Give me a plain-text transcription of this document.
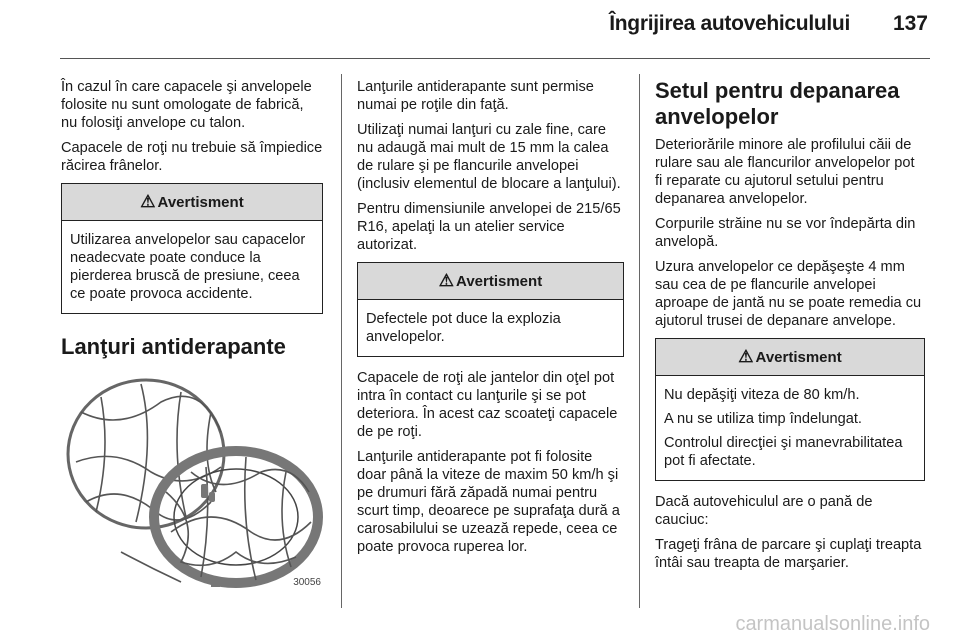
Îngrijirea autovehiculului 137

În cazul în care capacele şi anvelopele folosite nu sunt omologate de fabrică, nu folosiţi anvelope cu talon.

Capacele de roţi nu trebuie să împiedice răcirea frânelor.

⚠ Avertisment

Utilizarea anvelopelor sau capacelor neadecvate poate conduce la pierderea bruscă de presiune, ceea ce poate provoca accidente.

Lanţuri antiderapante
30056

Lanţurile antiderapante sunt permise numai pe roţile din faţă.

Utilizaţi numai lanţuri cu zale fine, care nu adaugă mai mult de 15 mm la calea de rulare şi pe flancurile anvelopei (inclusiv elementul de blocare a lanţului).

Pentru dimensiunile anvelopei de 215/65 R16, apelaţi la un atelier service autorizat.

⚠ Avertisment

Defectele pot duce la explozia anvelopelor.

Capacele de roţi ale jantelor din oţel pot intra în contact cu lanţurile şi se pot deteriora. În acest caz scoateţi capacele de pe roţi.

Lanţurile antiderapante pot fi folosite doar până la viteze de maxim 50 km/h şi pe drumuri fără zăpadă numai pentru scurt timp, deoarece pe suprafaţa dură a carosabilului se uzează repede, ceea ce poate provoca ruperea lor.

Setul pentru depanarea anvelopelor

Deteriorările minore ale profilului căii de rulare sau ale flancurilor anvelopelor pot fi reparate cu ajutorul setului pentru depanarea anvelopelor.

Corpurile străine nu se vor îndepărta din anvelopă.

Uzura anvelopelor ce depăşeşte 4 mm sau cea de pe flancurile anvelopei aproape de jantă nu se poate remedia cu ajutorul trusei de depanare anvelope.

⚠ Avertisment

Nu depăşiţi viteza de 80 km/h.

A nu se utiliza timp îndelungat.

Controlul direcţiei şi manevrabilitatea pot fi afectate.

Dacă autovehiculul are o pană de cauciuc:

Trageţi frâna de parcare şi cuplaţi treapta întâi sau treapta de marşarier.

carmanualsonline.info
